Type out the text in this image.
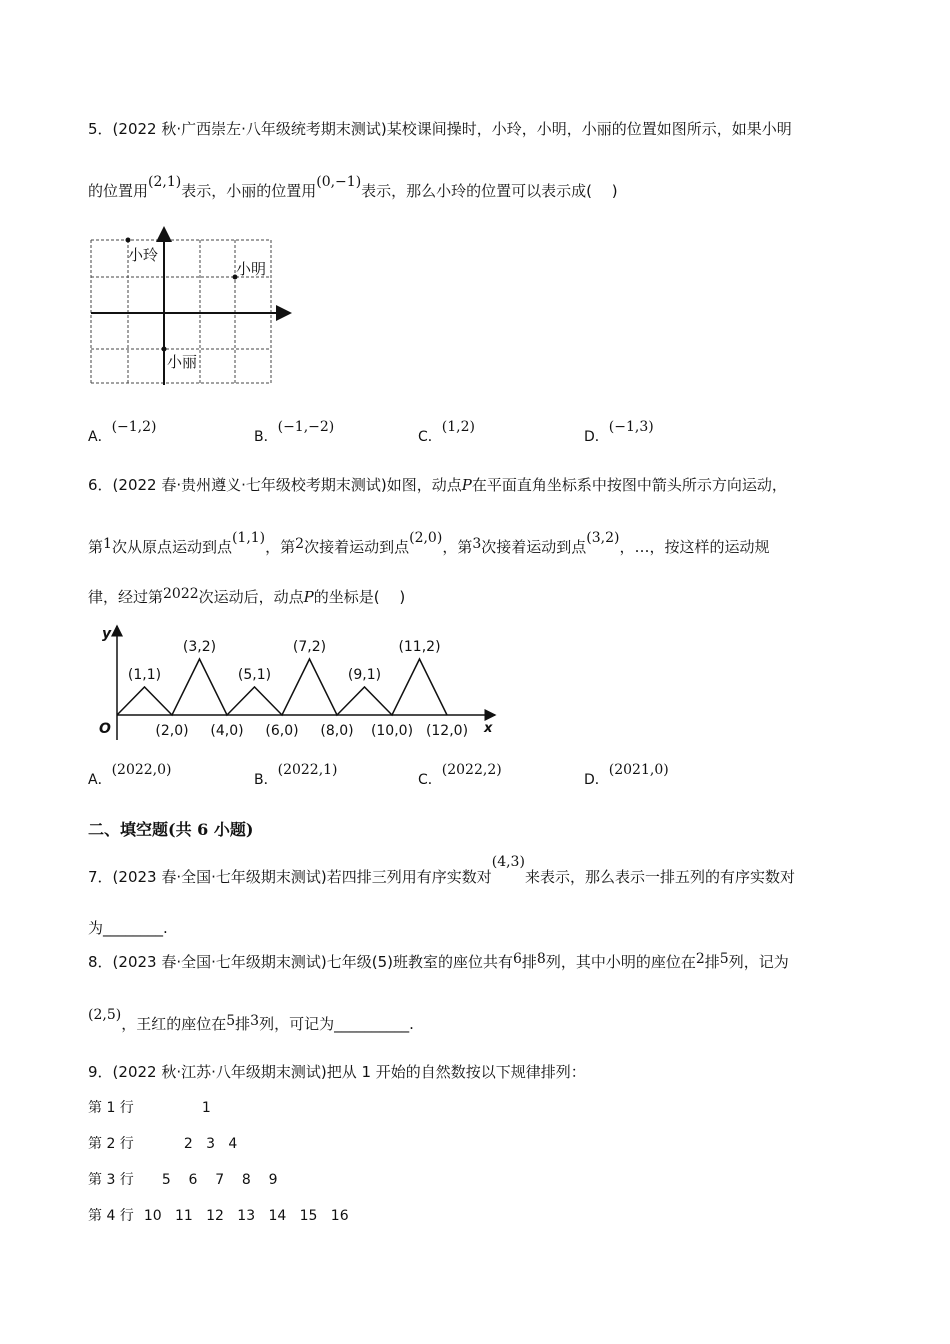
5．(2022 秋·广西崇左·八年级统考期末测试)某校课间操时，小玲，小明，小丽的位置如图所示，如果小明
的位置用(2,1)表示，小丽的位置用(0,−1)表示，那么小玲的位置可以表示成(　 )
小玲
小明
小丽
A．(−1,2)
B．(−1,−2)
C．(1,2)
D．(−1,3)
6．(2022 春·贵州遵义·七年级校考期末测试)如图，动点P在平面直角坐标系中按图中箭头所示方向运动，
第1次从原点运动到点(1,1)，第2次接着运动到点(2,0)，第3次接着运动到点(3,2)，…，按这样的运动规
律，经过第2022次运动后，动点P的坐标是(　 )
y
x
O
(1,1)
(2,0)
(3,2)
(4,0)
(5,1)
(6,0)
(7,2)
(8,0)
(9,1)
(10,0)
(11,2)
(12,0)
A．(2022,0)
B．(2022,1)
C．(2022,2)
D．(2021,0)
二、填空题(共 6 小题)
7．(2023 春·全国·七年级期末测试)若四排三列用有序实数对(4,3)来表示，那么表示一排五列的有序实数对
为________.
8．(2023 春·全国·七年级期末测试)七年级(5)班教室的座位共有6排8列，其中小明的座位在2排5列，记为
(2,5)，王红的座位在5排3列，可记为__________.
9．(2022 秋·江苏·八年级期末测试)把从 1 开始的自然数按以下规律排列：
第 1 行	1
第 2 行	2   3   4
第 3 行 5    6    7    8    9
第 4 行 10   11   12   13   14   15   16
